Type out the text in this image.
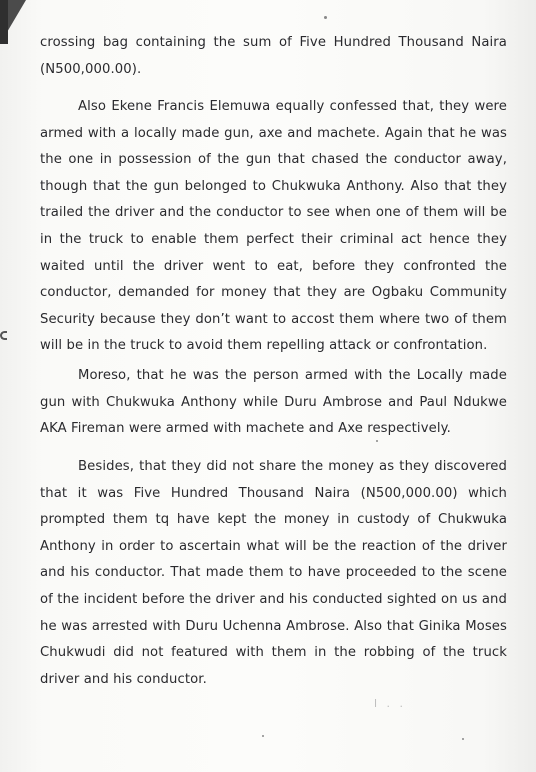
crossing bag containing the sum of Five Hundred Thousand Naira (N500,000.00).

Also Ekene Francis Elemuwa equally confessed that, they were armed with a locally made gun, axe and machete. Again that he was the one in possession of the gun that chased the conductor away, though that the gun belonged to Chukwuka Anthony. Also that they trailed the driver and the conductor to see when one of them will be in the truck to enable them perfect their criminal act hence they waited until the driver went to eat, before they confronted the conductor, demanded for money that they are Ogbaku Community Security because they don’t want to accost them where two of them will be in the truck to avoid them repelling attack or confrontation.

Moreso, that he was the person armed with the Locally made gun with Chukwuka Anthony while Duru Ambrose and Paul Ndukwe AKA Fireman were armed with machete and Axe respectively.

Besides, that they did not share the money as they discovered that it was Five Hundred Thousand Naira (N500,000.00) which prompted them tq have kept the money in custody of Chukwuka Anthony in order to ascertain what will be the reaction of the driver and his conductor. That made them to have proceeded to the scene of the incident before the driver and his conducted sighted on us and he was arrested with Duru Uchenna Ambrose. Also that Ginika Moses Chukwudi did not featured with them in the robbing of the truck driver and his conductor.

l . .
